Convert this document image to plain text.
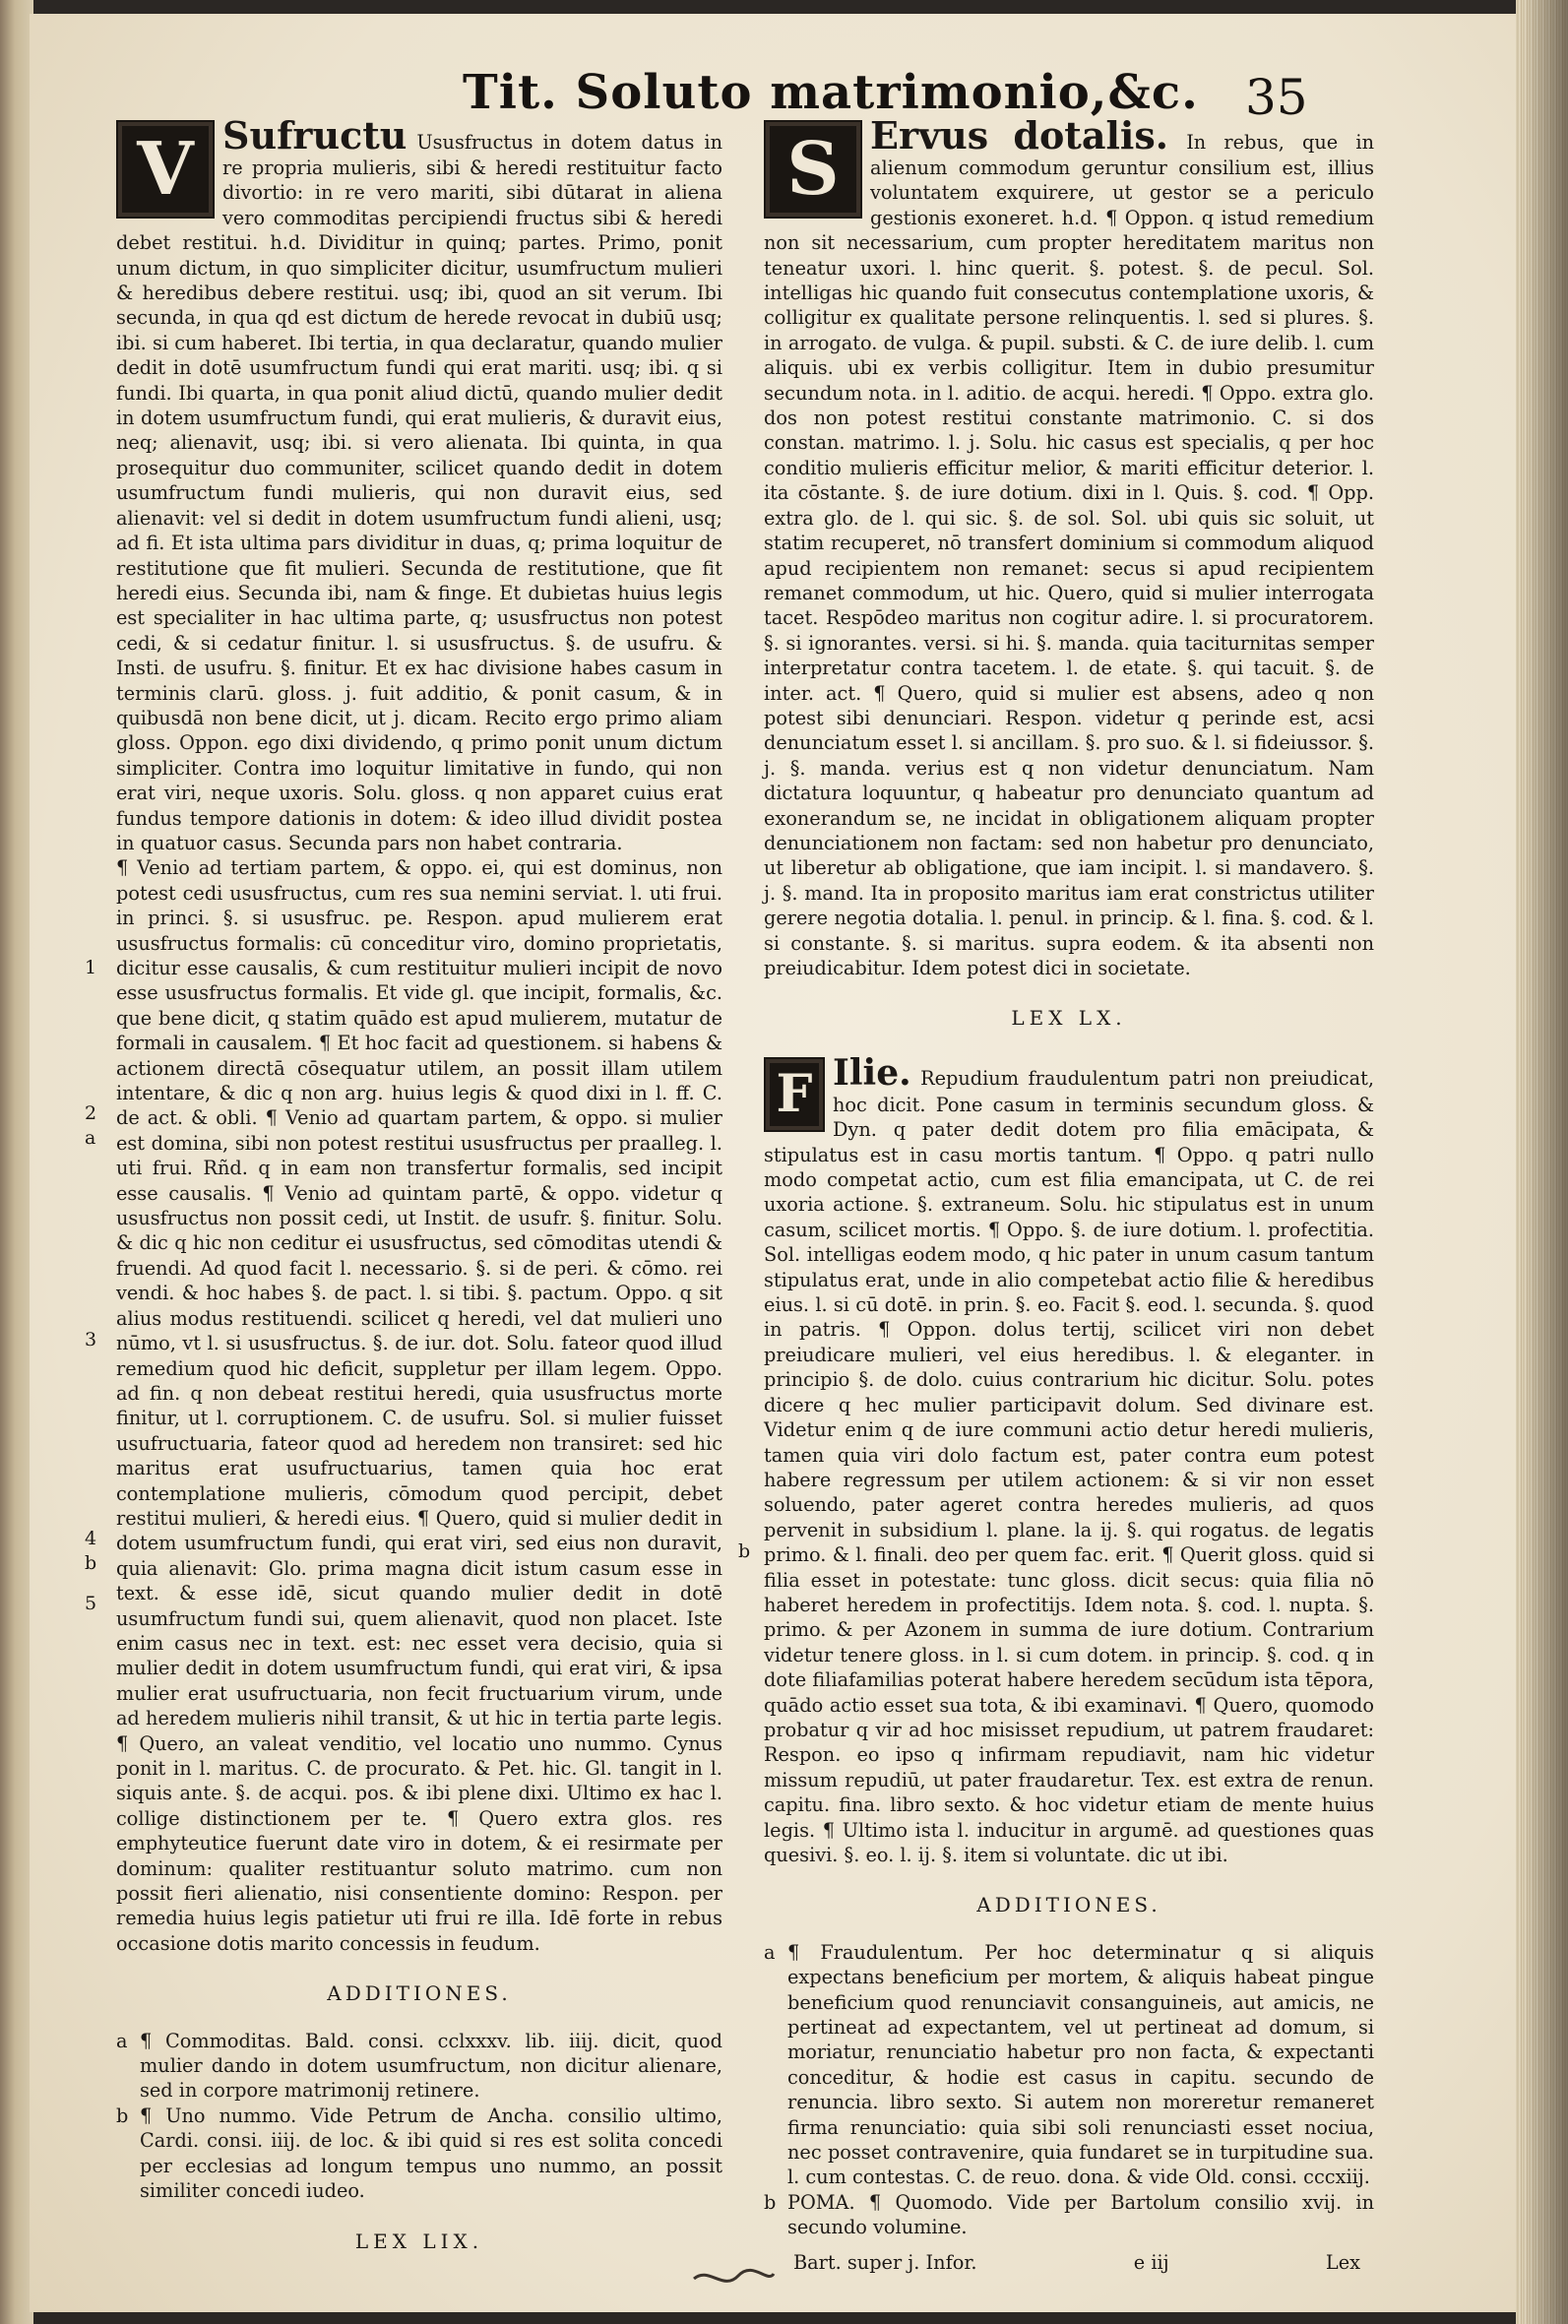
Tit. Soluto matrimonio,&c. 35
1
2
a
3
4
b
5
b
V Sufructu Ususfructus in dotem datus in re propria mulieris, sibi & heredi restituitur facto divortio: in re vero mariti, sibi dūtarat in aliena vero commoditas percipiendi fructus sibi & heredi debet restitui. h.d. Dividitur in quinq; partes. Primo, ponit unum dictum, in quo simpliciter dicitur, usumfructum mulieri & heredibus debere restitui. usq; ibi, quod an sit verum. Ibi secunda, in qua qd est dictum de herede revocat in dubiū usq; ibi. si cum haberet. Ibi tertia, in qua declaratur, quando mulier dedit in dotē usumfructum fundi qui erat mariti. usq; ibi. q si fundi. Ibi quarta, in qua ponit aliud dictū, quando mulier dedit in dotem usumfructum fundi, qui erat mulieris, & duravit eius, neq; alienavit, usq; ibi. si vero alienata. Ibi quinta, in qua prosequitur duo communiter, scilicet quando dedit in dotem usumfructum fundi mulieris, qui non duravit eius, sed alienavit: vel si dedit in dotem usumfructum fundi alieni, usq; ad fi. Et ista ultima pars dividitur in duas, q; prima loquitur de restitutione que fit mulieri. Secunda de restitutione, que fit heredi eius. Secunda ibi, nam & finge. Et dubietas huius legis est specialiter in hac ultima parte, q; ususfructus non potest cedi, & si cedatur finitur. l. si ususfructus. §. de usufru. & Insti. de usufru. §. finitur. Et ex hac divisione habes casum in terminis clarū. gloss. j. fuit additio, & ponit casum, & in quibusdā non bene dicit, ut j. dicam. Recito ergo primo aliam gloss. Oppon. ego dixi dividendo, q primo ponit unum dictum simpliciter. Contra imo loquitur limitative in fundo, qui non erat viri, neque uxoris. Solu. gloss. q non apparet cuius erat fundus tempore dationis in dotem: & ideo illud dividit postea in quatuor casus. Secunda pars non habet contraria.

¶ Venio ad tertiam partem, & oppo. ei, qui est dominus, non potest cedi ususfructus, cum res sua nemini serviat. l. uti frui. in princi. §. si ususfruc. pe. Respon. apud mulierem erat ususfructus formalis: cū conceditur viro, domino proprietatis, dicitur esse causalis, & cum restituitur mulieri incipit de novo esse ususfructus formalis. Et vide gl. que incipit, formalis, &c. que bene dicit, q statim quādo est apud mulierem, mutatur de formali in causalem. ¶ Et hoc facit ad questionem. si habens & actionem directā cōsequatur utilem, an possit illam utilem intentare, & dic q non arg. huius legis & quod dixi in l. ff. C. de act. & obli. ¶ Venio ad quartam partem, & oppo. si mulier est domina, sibi non potest restitui ususfructus per praalleg. l. uti frui. Rñd. q in eam non transfertur formalis, sed incipit esse causalis. ¶ Venio ad quintam partē, & oppo. videtur q ususfructus non possit cedi, ut Instit. de usufr. §. finitur. Solu. & dic q hic non ceditur ei ususfructus, sed cōmoditas utendi & fruendi. Ad quod facit l. necessario. §. si de peri. & cōmo. rei vendi. & hoc habes §. de pact. l. si tibi. §. pactum. Oppo. q sit alius modus restituendi. scilicet q heredi, vel dat mulieri uno nūmo, vt l. si ususfructus. §. de iur. dot. Solu. fateor quod illud remedium quod hic deficit, suppletur per illam legem. Oppo. ad fin. q non debeat restitui heredi, quia ususfructus morte finitur, ut l. corruptionem. C. de usufru. Sol. si mulier fuisset usufructuaria, fateor quod ad heredem non transiret: sed hic maritus erat usufructuarius, tamen quia hoc erat contemplatione mulieris, cōmodum quod percipit, debet restitui mulieri, & heredi eius. ¶ Quero, quid si mulier dedit in dotem usumfructum fundi, qui erat viri, sed eius non duravit, quia alienavit: Glo. prima magna dicit istum casum esse in text. & esse idē, sicut quando mulier dedit in dotē usumfructum fundi sui, quem alienavit, quod non placet. Iste enim casus nec in text. est: nec esset vera decisio, quia si mulier dedit in dotem usumfructum fundi, qui erat viri, & ipsa mulier erat usufructuaria, non fecit fructuarium virum, unde ad heredem mulieris nihil transit, & ut hic in tertia parte legis. ¶ Quero, an valeat venditio, vel locatio uno nummo. Cynus ponit in l. maritus. C. de procurato. & Pet. hic. Gl. tangit in l. siquis ante. §. de acqui. pos. & ibi plene dixi. Ultimo ex hac l. collige distinctionem per te. ¶ Quero extra glos. res emphyteutice fuerunt date viro in dotem, & ei resirmate per dominum: qualiter restituantur soluto matrimo. cum non possit fieri alienatio, nisi consentiente domino: Respon. per remedia huius legis patietur uti frui re illa. Idē forte in rebus occasione dotis marito concessis in feudum.

ADDITIONES.

a ¶ Commoditas. Bald. consi. cclxxxv. lib. iiij. dicit, quod mulier dando in dotem usumfructum, non dicitur alienare, sed in corpore matrimonij retinere.
b ¶ Uno nummo. Vide Petrum de Ancha. consilio ultimo, Cardi. consi. iiij. de loc. & ibi quid si res est solita concedi per ecclesias ad longum tempus uno nummo, an possit similiter concedi iudeo.

LEX LIX.

S Ervus dotalis. In rebus, que in alienum commodum geruntur consilium est, illius voluntatem exquirere, ut gestor se a periculo gestionis exoneret. h.d. ¶ Oppon. q istud remedium non sit necessarium, cum propter hereditatem maritus non teneatur uxori. l. hinc querit. §. potest. §. de pecul. Sol. intelligas hic quando fuit consecutus contemplatione uxoris, & colligitur ex qualitate persone relinquentis. l. sed si plures. §. in arrogato. de vulga. & pupil. substi. & C. de iure delib. l. cum aliquis. ubi ex verbis colligitur. Item in dubio presumitur secundum nota. in l. aditio. de acqui. heredi. ¶ Oppo. extra glo. dos non potest restitui constante matrimonio. C. si dos constan. matrimo. l. j. Solu. hic casus est specialis, q per hoc conditio mulieris efficitur melior, & mariti efficitur deterior. l. ita cōstante. §. de iure dotium. dixi in l. Quis. §. cod. ¶ Opp. extra glo. de l. qui sic. §. de sol. Sol. ubi quis sic soluit, ut statim recuperet, nō transfert dominium si commodum aliquod apud recipientem non remanet: secus si apud recipientem remanet commodum, ut hic. Quero, quid si mulier interrogata tacet. Respōdeo maritus non cogitur adire. l. si procuratorem. §. si ignorantes. versi. si hi. §. manda. quia taciturnitas semper interpretatur contra tacetem. l. de etate. §. qui tacuit. §. de inter. act. ¶ Quero, quid si mulier est absens, adeo q non potest sibi denunciari. Respon. videtur q perinde est, acsi denunciatum esset l. si ancillam. §. pro suo. & l. si fideiussor. §. j. §. manda. verius est q non videtur denunciatum. Nam dictatura loquuntur, q habeatur pro denunciato quantum ad exonerandum se, ne incidat in obligationem aliquam propter denunciationem non factam: sed non habetur pro denunciato, ut liberetur ab obligatione, que iam incipit. l. si mandavero. §. j. §. mand. Ita in proposito maritus iam erat constrictus utiliter gerere negotia dotalia. l. penul. in princip. & l. fina. §. cod. & l. si constante. §. si maritus. supra eodem. & ita absenti non preiudicabitur. Idem potest dici in societate.

LEX LX.

F Ilie. Repudium fraudulentum patri non preiudicat, hoc dicit. Pone casum in terminis secundum gloss. & Dyn. q pater dedit dotem pro filia emācipata, & stipulatus est in casu mortis tantum. ¶ Oppo. q patri nullo modo competat actio, cum est filia emancipata, ut C. de rei uxoria actione. §. extraneum. Solu. hic stipulatus est in unum casum, scilicet mortis. ¶ Oppo. §. de iure dotium. l. profectitia. Sol. intelligas eodem modo, q hic pater in unum casum tantum stipulatus erat, unde in alio competebat actio filie & heredibus eius. l. si cū dotē. in prin. §. eo. Facit §. eod. l. secunda. §. quod in patris. ¶ Oppon. dolus tertij, scilicet viri non debet preiudicare mulieri, vel eius heredibus. l. & eleganter. in principio §. de dolo. cuius contrarium hic dicitur. Solu. potes dicere q hec mulier participavit dolum. Sed divinare est. Videtur enim q de iure communi actio detur heredi mulieris, tamen quia viri dolo factum est, pater contra eum potest habere regressum per utilem actionem: & si vir non esset soluendo, pater ageret contra heredes mulieris, ad quos pervenit in subsidium l. plane. la ij. §. qui rogatus. de legatis primo. & l. finali. deo per quem fac. erit. ¶ Querit gloss. quid si filia esset in potestate: tunc gloss. dicit secus: quia filia nō haberet heredem in profectitijs. Idem nota. §. cod. l. nupta. §. primo. & per Azonem in summa de iure dotium. Contrarium videtur tenere gloss. in l. si cum dotem. in princip. §. cod. q in dote filiafamilias poterat habere heredem secūdum ista tēpora, quādo actio esset sua tota, & ibi examinavi. ¶ Quero, quomodo probatur q vir ad hoc misisset repudium, ut patrem fraudaret: Respon. eo ipso q infirmam repudiavit, nam hic videtur missum repudiū, ut pater fraudaretur. Tex. est extra de renun. capitu. fina. libro sexto. & hoc videtur etiam de mente huius legis. ¶ Ultimo ista l. inducitur in argumē. ad questiones quas quesivi. §. eo. l. ij. §. item si voluntate. dic ut ibi.

ADDITIONES.

a ¶ Fraudulentum. Per hoc determinatur q si aliquis expectans beneficium per mortem, & aliquis habeat pingue beneficium quod renunciavit consanguineis, aut amicis, ne pertineat ad expectantem, vel ut pertineat ad domum, si moriatur, renunciatio habetur pro non facta, & expectanti conceditur, & hodie est casus in capitu. secundo de renuncia. libro sexto. Si autem non moreretur remaneret firma renunciatio: quia sibi soli renunciasti esset nociua, nec posset contravenire, quia fundaret se in turpitudine sua. l. cum contestas. C. de reuo. dona. & vide Old. consi. cccxiij.
b POMA. ¶ Quomodo. Vide per Bartolum consilio xvij. in secundo volumine.

Bart. super j. Infor.	e iij	Lex
